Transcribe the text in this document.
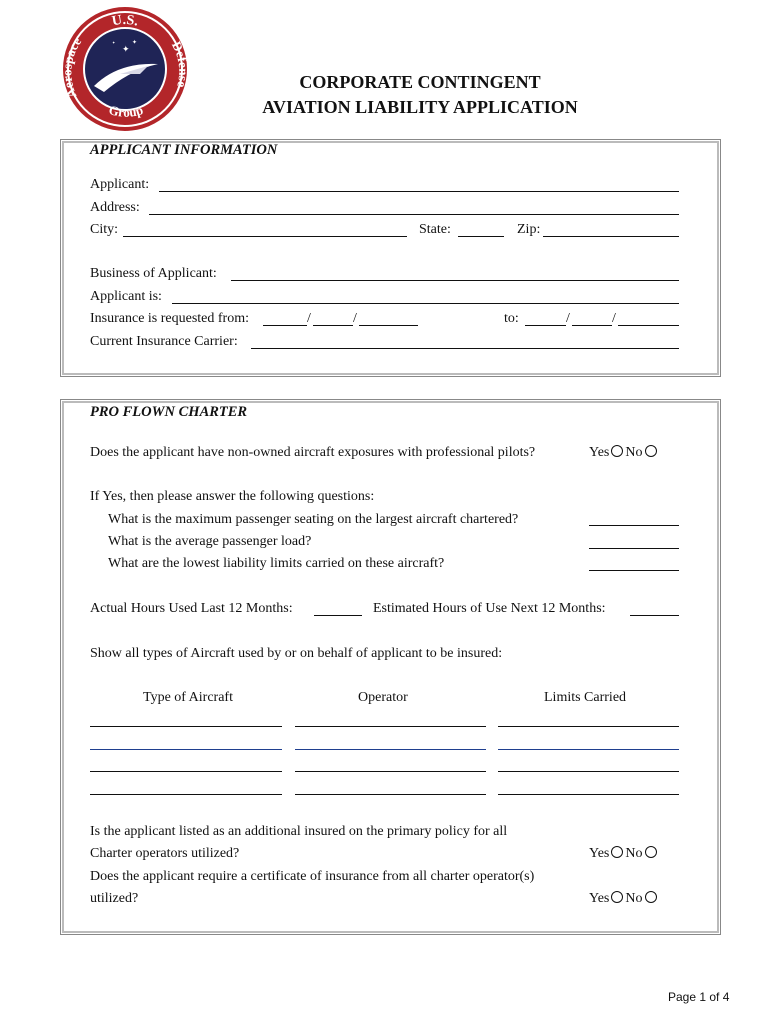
✦
✦
✦
U.S.
Aerospace	Defense
Group
CORPORATE CONTINGENT
AVIATION LIABILITY APPLICATION
APPLICANT INFORMATION
Applicant:
Address:
City:	State:	Zip:
Business of Applicant:
Applicant is:
Insurance is requested from:	/	/	to:	/	/
Current Insurance Carrier:
PRO FLOWN CHARTER
Does the applicant have non-owned aircraft exposures with professional pilots?	Yes No
If Yes, then please answer the following questions:
What is the maximum passenger seating on the largest aircraft chartered?
What is the average passenger load?
What are the lowest liability limits carried on these aircraft?
Actual Hours Used Last 12 Months:	Estimated Hours of Use Next 12 Months:
Show all types of Aircraft used by or on behalf of applicant to be insured:
Type of Aircraft	Operator	Limits Carried
Is the applicant listed as an additional insured on the primary policy for all
Charter operators utilized?	Yes No
Does the applicant require a certificate of insurance from all charter operator(s)
utilized?	Yes No
Page 1 of 4
